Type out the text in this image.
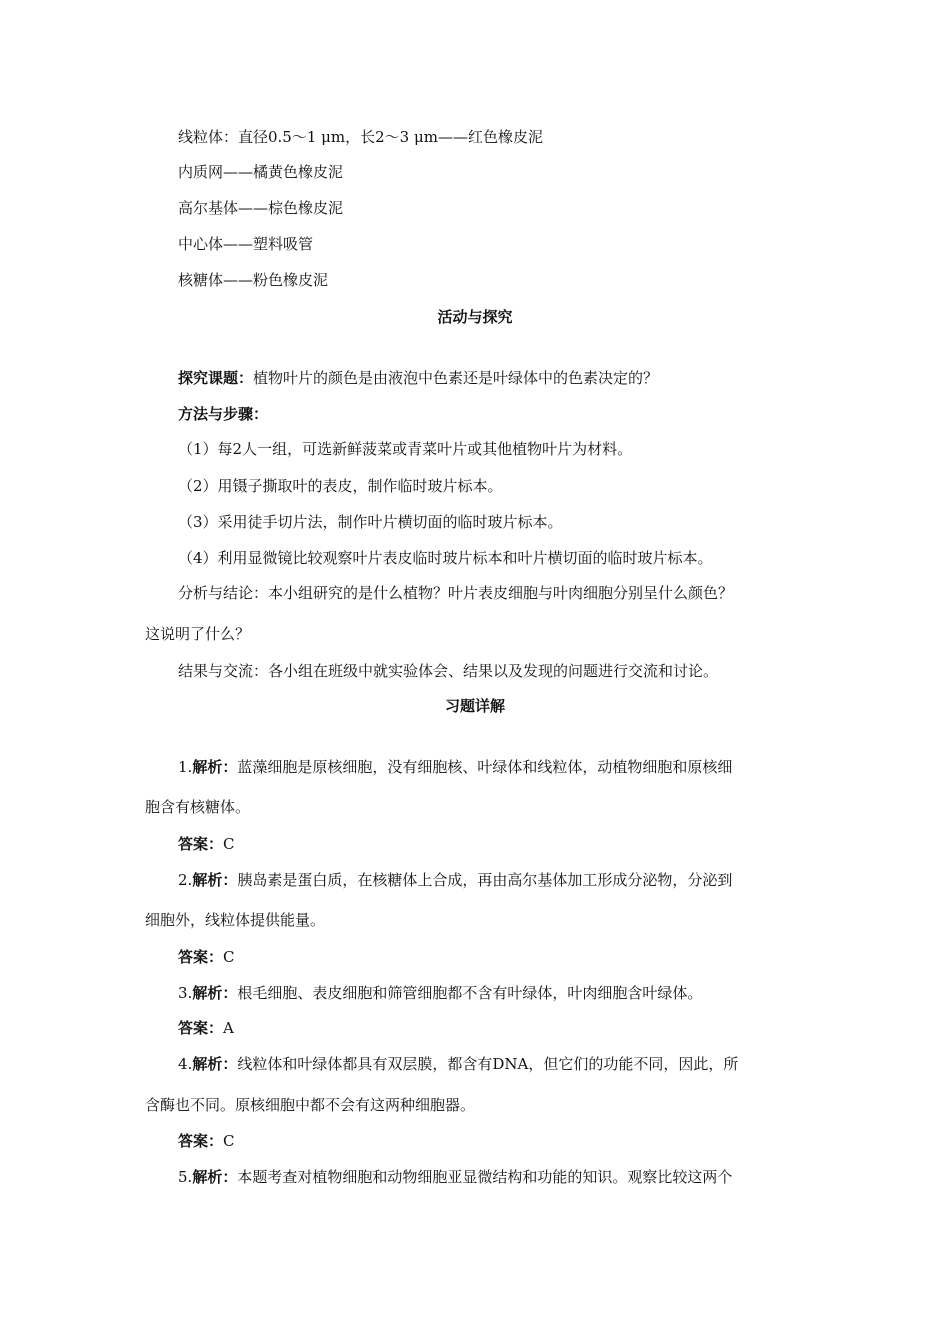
线粒体：直径0.5～1 μm，长2～3 μm——红色橡皮泥
内质网——橘黄色橡皮泥
高尔基体——棕色橡皮泥
中心体——塑料吸管
核糖体——粉色橡皮泥
活动与探究
探究课题：植物叶片的颜色是由液泡中色素还是叶绿体中的色素决定的？
方法与步骤：
（1）每2人一组，可选新鲜菠菜或青菜叶片或其他植物叶片为材料。
（2）用镊子撕取叶的表皮，制作临时玻片标本。
（3）采用徒手切片法，制作叶片横切面的临时玻片标本。
（4）利用显微镜比较观察叶片表皮临时玻片标本和叶片横切面的临时玻片标本。
分析与结论：本小组研究的是什么植物？叶片表皮细胞与叶肉细胞分别呈什么颜色？
这说明了什么？
结果与交流：各小组在班级中就实验体会、结果以及发现的问题进行交流和讨论。
习题详解
1.解析：蓝藻细胞是原核细胞，没有细胞核、叶绿体和线粒体，动植物细胞和原核细
胞含有核糖体。
答案：C
2.解析：胰岛素是蛋白质，在核糖体上合成，再由高尔基体加工形成分泌物，分泌到
细胞外，线粒体提供能量。
答案：C
3.解析：根毛细胞、表皮细胞和筛管细胞都不含有叶绿体，叶肉细胞含叶绿体。
答案：A
4.解析：线粒体和叶绿体都具有双层膜，都含有DNA，但它们的功能不同，因此，所
含酶也不同。原核细胞中都不会有这两种细胞器。
答案：C
5.解析：本题考查对植物细胞和动物细胞亚显微结构和功能的知识。观察比较这两个
